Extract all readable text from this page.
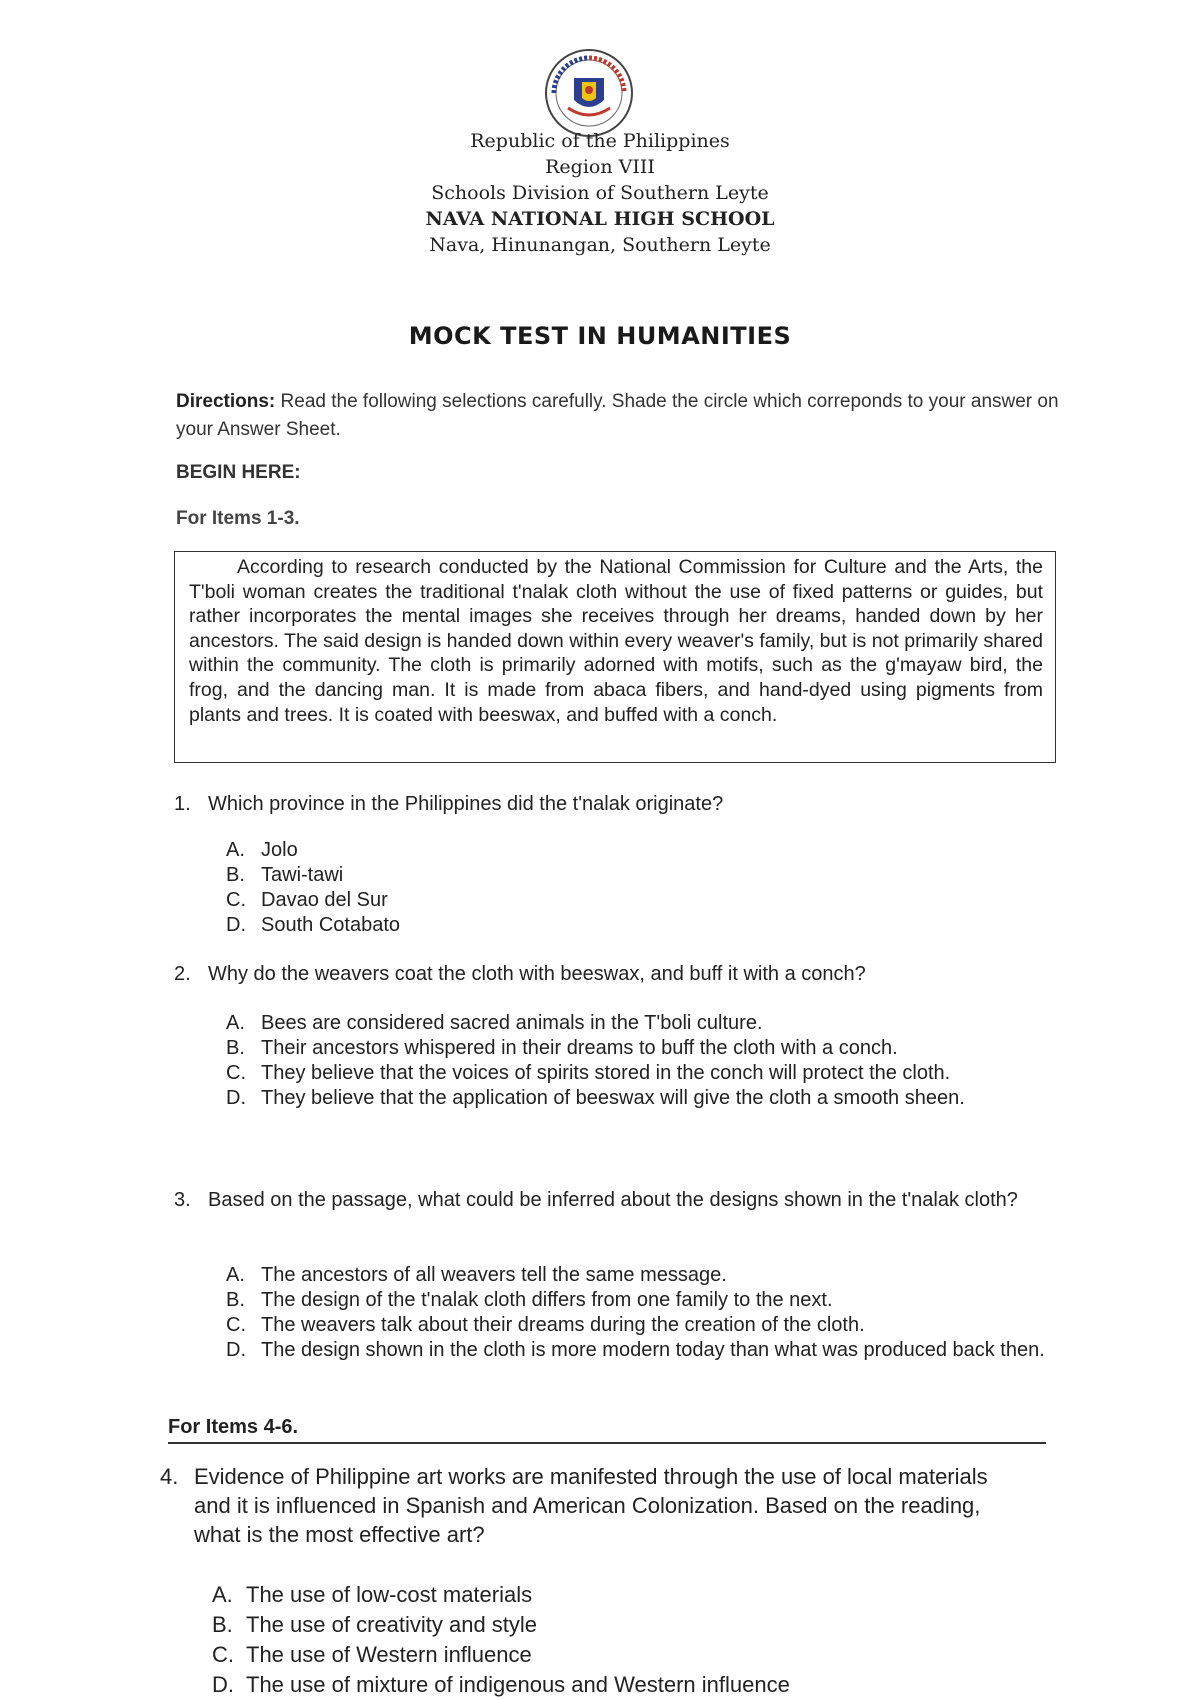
Republic of the Philippines
Region VIII
Schools Division of Southern Leyte
NAVA NATIONAL HIGH SCHOOL
Nava, Hinunangan, Southern Leyte
MOCK TEST IN HUMANITIES
Directions: Read the following selections carefully. Shade the circle which correponds to your answer on your Answer Sheet.
BEGIN HERE:
For Items 1-3.
According to research conducted by the National Commission for Culture and the Arts, the T'boli woman creates the traditional t'nalak cloth without the use of fixed patterns or guides, but rather incorporates the mental images she receives through her dreams, handed down by her ancestors. The said design is handed down within every weaver's family, but is not primarily shared within the community. The cloth is primarily adorned with motifs, such as the g'mayaw bird, the frog, and the dancing man. It is made from abaca fibers, and hand-dyed using pigments from plants and trees. It is coated with beeswax, and buffed with a conch.
1. Which province in the Philippines did the t'nalak originate?
A. Jolo
B. Tawi-tawi
C. Davao del Sur
D. South Cotabato
2. Why do the weavers coat the cloth with beeswax, and buff it with a conch?
A. Bees are considered sacred animals in the T'boli culture.
B. Their ancestors whispered in their dreams to buff the cloth with a conch.
C. They believe that the voices of spirits stored in the conch will protect the cloth.
D. They believe that the application of beeswax will give the cloth a smooth sheen.
3. Based on the passage, what could be inferred about the designs shown in the t'nalak cloth?
A. The ancestors of all weavers tell the same message.
B. The design of the t'nalak cloth differs from one family to the next.
C. The weavers talk about their dreams during the creation of the cloth.
D. The design shown in the cloth is more modern today than what was produced back then.
For Items 4-6.
4. Evidence of Philippine art works are manifested through the use of local materials and it is influenced in Spanish and American Colonization. Based on the reading, what is the most effective art?
A. The use of low-cost materials
B. The use of creativity and style
C. The use of Western influence
D. The use of mixture of indigenous and Western influence
